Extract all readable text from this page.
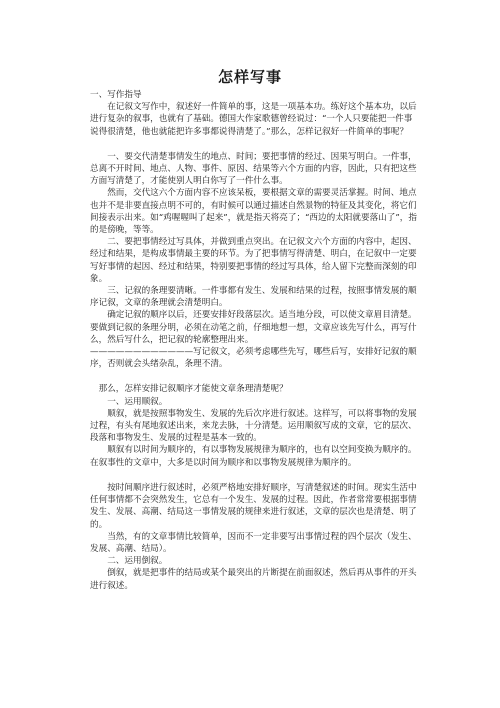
怎样写事

一、写作指导

在记叙文写作中，叙述好一件简单的事，这是一项基本功。练好这个基本功，以后进行复杂的叙事，也就有了基础。德国大作家歌德曾经说过：“一个人只要能把一件事说得很清楚，他也就能把许多事都说得清楚了。”那么，怎样记叙好一件简单的事呢？

一、要交代清楚事情发生的地点、时间；要把事情的经过、因果写明白。一件事，总离不开时间、地点、人物、事件、原因、结果等六个方面的内容，因此，只有把这些方面写清楚了，才能使别人明白你写了一件什么事。

然而，交代这六个方面内容不应该呆板，要根据文章的需要灵活掌握。时间、地点也并不是非要直接点明不可的，有时候可以通过描述自然景物的特征及其变化，将它们间接表示出来。如“鸡喔喔叫了起来”，就是指天将亮了；“西边的太阳就要落山了”，指的是傍晚，等等。

二、要把事情经过写具体，并做到重点突出。在记叙文六个方面的内容中，起因、经过和结果，是构成事情最主要的环节。为了把事情写得清楚、明白，在记叙中一定要写好事情的起因、经过和结果，特别要把事情的经过写具体，给人留下完整而深刻的印象。

三、记叙的条理要清晰。一件事都有发生、发展和结果的过程，按照事情发展的顺序记叙，文章的条理就会清楚明白。

确定记叙的顺序以后，还要安排好段落层次。适当地分段，可以使文章眉目清楚。要做到记叙的条理分明，必须在动笔之前，仔细地想一想，文章应该先写什么，再写什么，然后写什么，把记叙的轮廓整理出来。

————————————写记叙文，必须考虑哪些先写，哪些后写，安排好记叙的顺序，否则就会头绪杂乱，条理不清。

那么，怎样安排记叙顺序才能使文章条理清楚呢？

一、运用顺叙。

顺叙，就是按照事物发生、发展的先后次序进行叙述。这样写，可以将事物的发展过程，有头有尾地叙述出来，来龙去脉，十分清楚。运用顺叙写成的文章，它的层次、段落和事物发生、发展的过程是基本一致的。

顺叙有以时间为顺序的，有以事物发展规律为顺序的，也有以空间变换为顺序的。在叙事性的文章中，大多是以时间为顺序和以事物发展规律为顺序的。

按时间顺序进行叙述时，必须严格地安排好顺序，写清楚叙述的时间。现实生活中任何事情都不会突然发生，它总有一个发生、发展的过程。因此，作者常常要根据事情发生、发展、高潮、结局这一事情发展的规律来进行叙述，文章的层次也是清楚、明了的。

当然，有的文章事情比较简单，因而不一定非要写出事情过程的四个层次（发生、发展、高潮、结局）。

二、运用倒叙。

倒叙，就是把事件的结局或某个最突出的片断提在前面叙述，然后再从事件的开头进行叙述。
